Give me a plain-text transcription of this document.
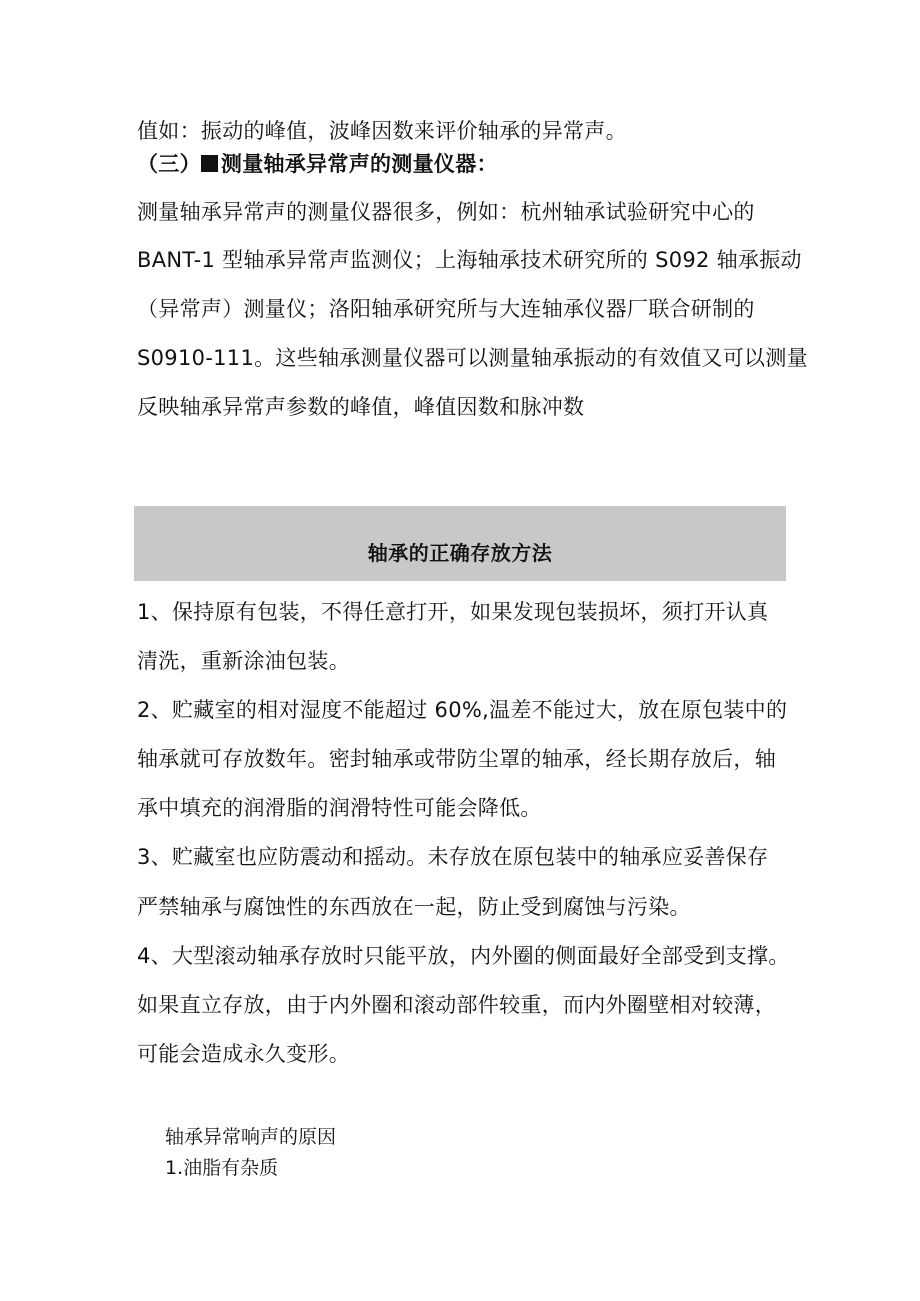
值如：振动的峰值，波峰因数来评价轴承的异常声。
（三） 测量轴承异常声的测量仪器：
测量轴承异常声的测量仪器很多，例如：杭州轴承试验研究中心的
BANT-1 型轴承异常声监测仪；上海轴承技术研究所的 S092 轴承振动
（异常声）测量仪；洛阳轴承研究所与大连轴承仪器厂联合研制的
S0910-111。这些轴承测量仪器可以测量轴承振动的有效值又可以测量
反映轴承异常声参数的峰值，峰值因数和脉冲数
轴承的正确存放方法
1、保持原有包装，不得任意打开，如果发现包装损坏，须打开认真
清洗，重新涂油包装。
2、贮藏室的相对湿度不能超过 60%,温差不能过大，放在原包装中的
轴承就可存放数年。密封轴承或带防尘罩的轴承，经长期存放后，轴
承中填充的润滑脂的润滑特性可能会降低。
3、贮藏室也应防震动和摇动。未存放在原包装中的轴承应妥善保存
严禁轴承与腐蚀性的东西放在一起，防止受到腐蚀与污染。
4、大型滚动轴承存放时只能平放，内外圈的侧面最好全部受到支撑。
如果直立存放，由于内外圈和滚动部件较重，而内外圈壁相对较薄，
可能会造成永久变形。
轴承异常响声的原因
1.油脂有杂质
